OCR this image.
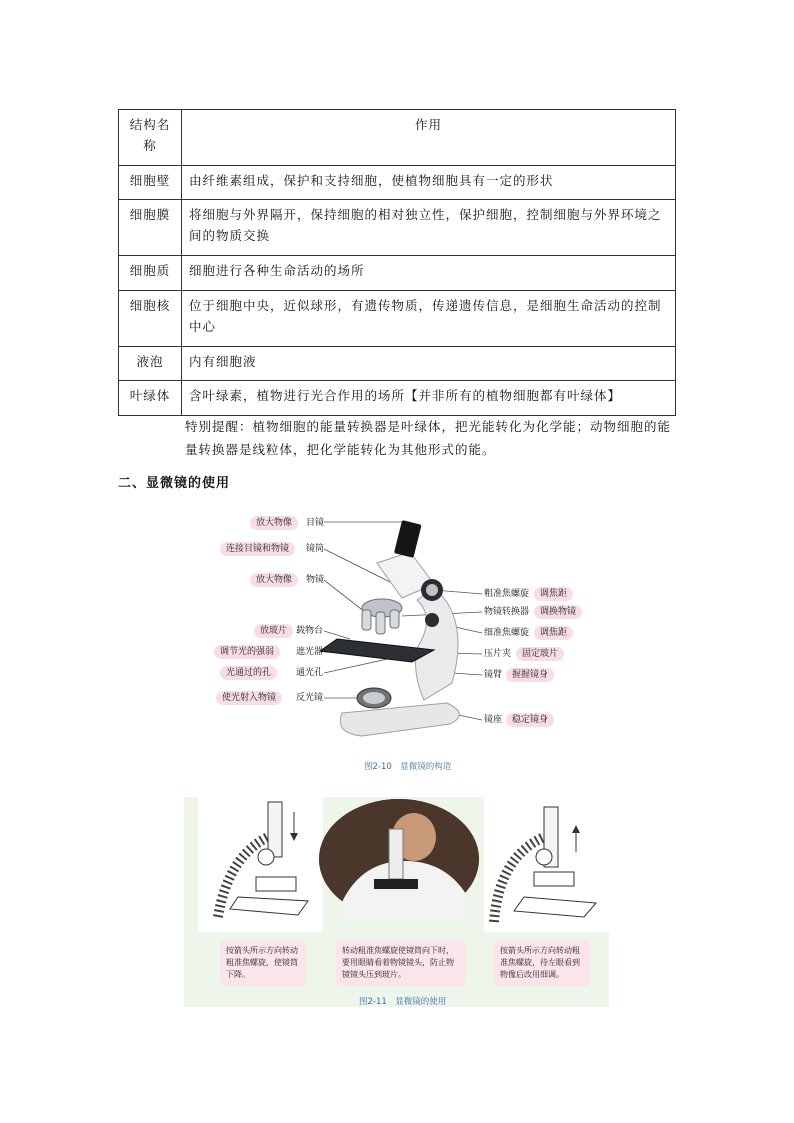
结构名称	作用
细胞壁	由纤维素组成，保护和支持细胞，使植物细胞具有一定的形状
细胞膜	将细胞与外界隔开，保持细胞的相对独立性，保护细胞，控制细胞与外界环境之间的物质交换
细胞质	细胞进行各种生命活动的场所
细胞核	位于细胞中央，近似球形，有遗传物质，传递遗传信息，是细胞生命活动的控制中心
液泡	内有细胞液
叶绿体	含叶绿素，植物进行光合作用的场所【并非所有的植物细胞都有叶绿体】
特别提醒：植物细胞的能量转换器是叶绿体，把光能转化为化学能；动物细胞的能量转换器是线粒体，把化学能转化为其他形式的能。
二、显微镜的使用
放大物像	目镜
连接目镜和物镜	镜筒
放大物像	物镜
放玻片 载物台
调节光的强弱	遮光器
光通过的孔	通光孔
使光射入物镜	反光镜
粗准焦螺旋	调焦距
物镜转换器	调换物镜
细准焦螺旋	调焦距
压片夹	固定玻片
镜臂	握握镜身
镜座	稳定镜身
图2-10　显微镜的构造
按箭头所示方向转动粗准焦螺旋，使镜筒下降。
转动粗准焦螺旋使镜筒向下时，要用眼睛看着物镜镜头，防止物镜镜头压到玻片。
按箭头所示方向转动粗准焦螺旋，待左眼看到物像后改用细调。
图2-11　显微镜的使用
